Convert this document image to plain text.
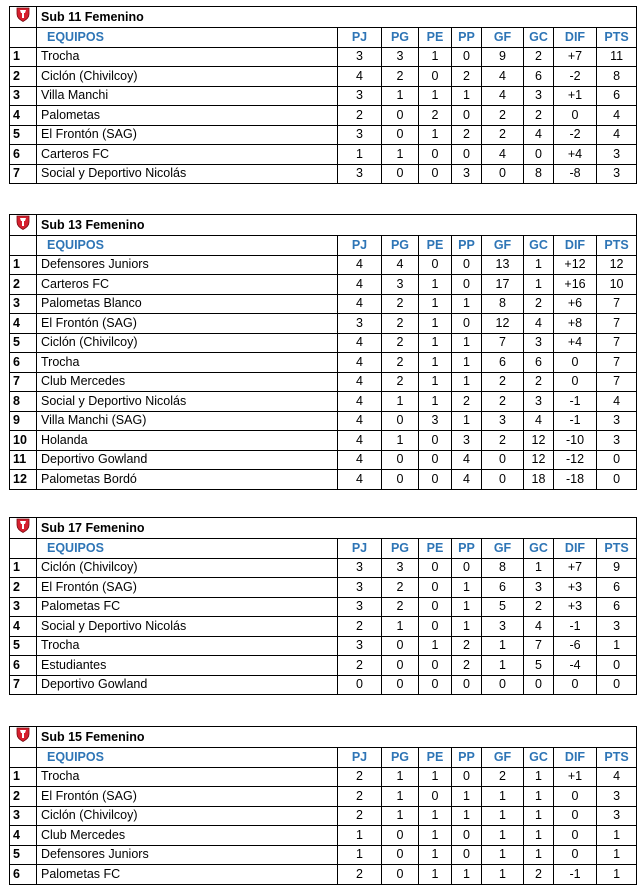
	Sub 11 Femenino								
	EQUIPOS	PJ	PG	PE	PP	GF	GC	DIF	PTS
1	Trocha	3	3	1	0	9	2	+7	11
2	Ciclón (Chivilcoy)	4	2	0	2	4	6	-2	8
3	Villa Manchi	3	1	1	1	4	3	+1	6
4	Palometas	2	0	2	0	2	2	0	4
5	El Frontón (SAG)	3	0	1	2	2	4	-2	4
6	Carteros FC	1	1	0	0	4	0	+4	3
7	Social y Deportivo Nicolás	3	0	0	3	0	8	-8	3
	Sub 13 Femenino								
	EQUIPOS	PJ	PG	PE	PP	GF	GC	DIF	PTS
1	Defensores Juniors	4	4	0	0	13	1	+12	12
2	Carteros FC	4	3	1	0	17	1	+16	10
3	Palometas Blanco	4	2	1	1	8	2	+6	7
4	El Frontón (SAG)	3	2	1	0	12	4	+8	7
5	Ciclón (Chivilcoy)	4	2	1	1	7	3	+4	7
6	Trocha	4	2	1	1	6	6	0	7
7	Club Mercedes	4	2	1	1	2	2	0	7
8	Social y Deportivo Nicolás	4	1	1	2	2	3	-1	4
9	Villa Manchi (SAG)	4	0	3	1	3	4	-1	3
10	Holanda	4	1	0	3	2	12	-10	3
11	Deportivo Gowland	4	0	0	4	0	12	-12	0
12	Palometas Bordó	4	0	0	4	0	18	-18	0
	Sub 17 Femenino								
	EQUIPOS	PJ	PG	PE	PP	GF	GC	DIF	PTS
1	Ciclón (Chivilcoy)	3	3	0	0	8	1	+7	9
2	El Frontón (SAG)	3	2	0	1	6	3	+3	6
3	Palometas FC	3	2	0	1	5	2	+3	6
4	Social y Deportivo Nicolás	2	1	0	1	3	4	-1	3
5	Trocha	3	0	1	2	1	7	-6	1
6	Estudiantes	2	0	0	2	1	5	-4	0
7	Deportivo Gowland	0	0	0	0	0	0	0	0
	Sub 15 Femenino								
	EQUIPOS	PJ	PG	PE	PP	GF	GC	DIF	PTS
1	Trocha	2	1	1	0	2	1	+1	4
2	El Frontón (SAG)	2	1	0	1	1	1	0	3
3	Ciclón (Chivilcoy)	2	1	1	1	1	1	0	3
4	Club Mercedes	1	0	1	0	1	1	0	1
5	Defensores Juniors	1	0	1	0	1	1	0	1
6	Palometas FC	2	0	1	1	1	2	-1	1
